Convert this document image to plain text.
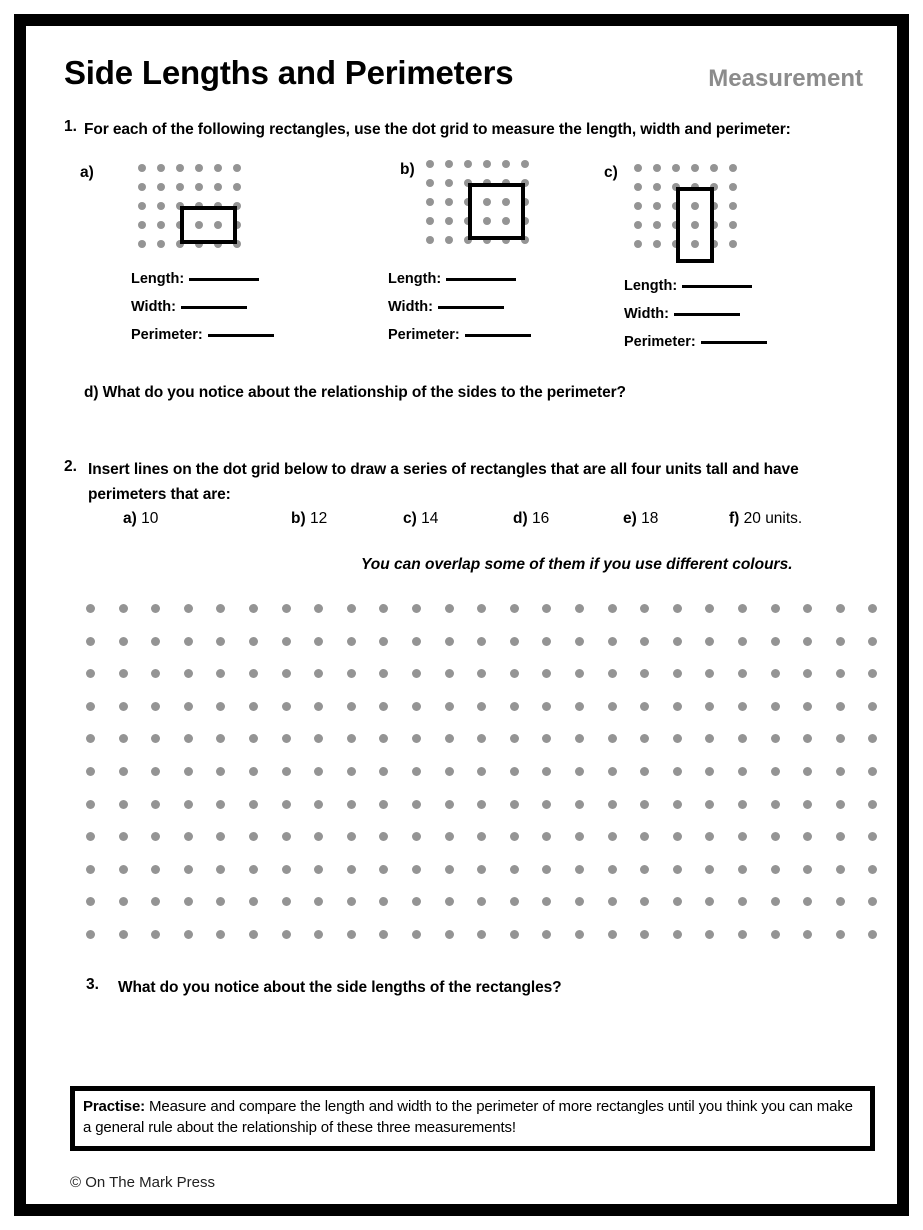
Side Lengths and Perimeters	Measurement
1. For each of the following rectangles, use the dot grid to measure the length, width and perimeter:
a)
Length:
Width:
Perimeter:
b)
Length:
Width:
Perimeter:
c)
Length:
Width:
Perimeter:
d) What do you notice about the relationship of the sides to the perimeter?
2. Insert lines on the dot grid below to draw a series of rectangles that are all four units tall and have perimeters that are:
a) 10	b) 12	c) 14	d) 16	e) 18	f) 20 units.
You can overlap some of them if you use different colours.
3. What do you notice about the side lengths of the rectangles?
Practise: Measure and compare the length and width to the perimeter of more rectangles until you think you can make a general rule about the relationship of these three measurements!
© On The Mark Press
